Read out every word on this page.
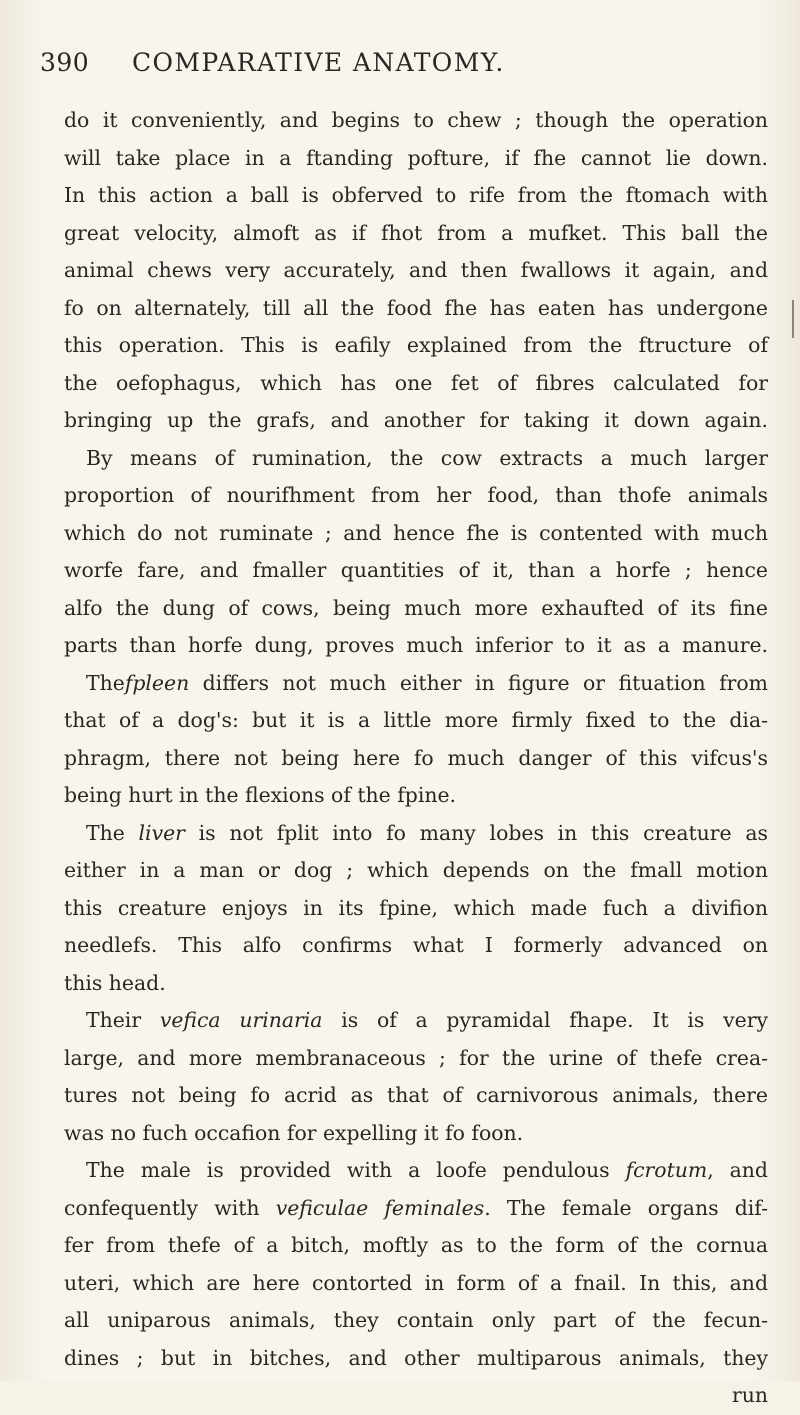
390 COMPARATIVE ANATOMY.
do it conveniently, and begins to chew ; though the operation
will take place in a ftanding pofture, if fhe cannot lie down.
In this action a ball is obferved to rife from the ftomach with
great velocity, almoft as if fhot from a mufket. This ball the
animal chews very accurately, and then fwallows it again, and
fo on alternately, till all the food fhe has eaten has undergone
this operation. This is eafily explained from the ftructure of
the oefophagus, which has one fet of fibres calculated for
bringing up the grafs, and another for taking it down again.
By means of rumination, the cow extracts a much larger
proportion of nourifhment from her food, than thofe animals
which do not ruminate ; and hence fhe is contented with much
worfe fare, and fmaller quantities of it, than a horfe ; hence
alfo the dung of cows, being much more exhaufted of its fine
parts than horfe dung, proves much inferior to it as a manure.
Thefpleen differs not much either in figure or fituation from
that of a dog's: but it is a little more firmly fixed to the dia-
phragm, there not being here fo much danger of this vifcus's
being hurt in the flexions of the fpine.
The liver is not fplit into fo many lobes in this creature as
either in a man or dog ; which depends on the fmall motion
this creature enjoys in its fpine, which made fuch a divifion
needlefs. This alfo confirms what I formerly advanced on
this head.
Their vefica urinaria is of a pyramidal fhape. It is very
large, and more membranaceous ; for the urine of thefe crea-
tures not being fo acrid as that of carnivorous animals, there
was no fuch occafion for expelling it fo foon.
The male is provided with a loofe pendulous fcrotum, and
confequently with veficulae feminales. The female organs dif-
fer from thefe of a bitch, moftly as to the form of the cornua
uteri, which are here contorted in form of a fnail. In this, and
all uniparous animals, they contain only part of the fecun-
dines ; but in bitches, and other multiparous animals, they
run
